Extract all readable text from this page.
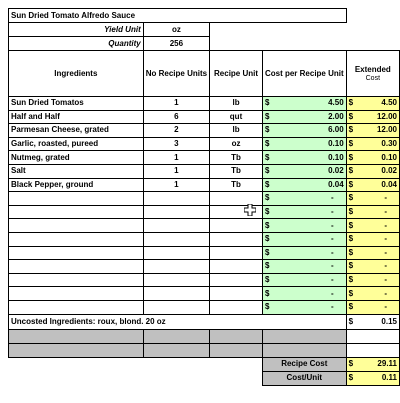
Sun Dried Tomato Alfredo Sauce				
Yield Unit	oz			
Quantity	256			
Ingredients	No Recipe Units	Recipe Unit	Cost per Recipe Unit	Extended
Cost
Sun Dried Tomatos	1	lb	$ 4.50	$ 4.50

Half and Half	6	qut	$ 2.00	$ 12.00

Parmesan Cheese, grated	2	lb	$ 6.00	$ 12.00

Garlic, roasted, pureed	3	oz	$ 0.10	$ 0.30

Nutmeg, grated	1	Tb	$ 0.10	$ 0.10

Salt	1	Tb	$ 0.02	$ 0.02

Black Pepper, ground	1	Tb	$ 0.04	$ 0.04

			$ -	$ -

			$ -	$ -

			$ -	$ -

			$ -	$ -

			$ -	$ -

			$ -	$ -

			$ -	$ -

			$ -	$ -

			$ -	$ -

Uncosted Ingredients: roux, blond. 20 oz				$ 0.15

			Recipe Cost	$ 29.11

			Cost/Unit	$ 0.11
